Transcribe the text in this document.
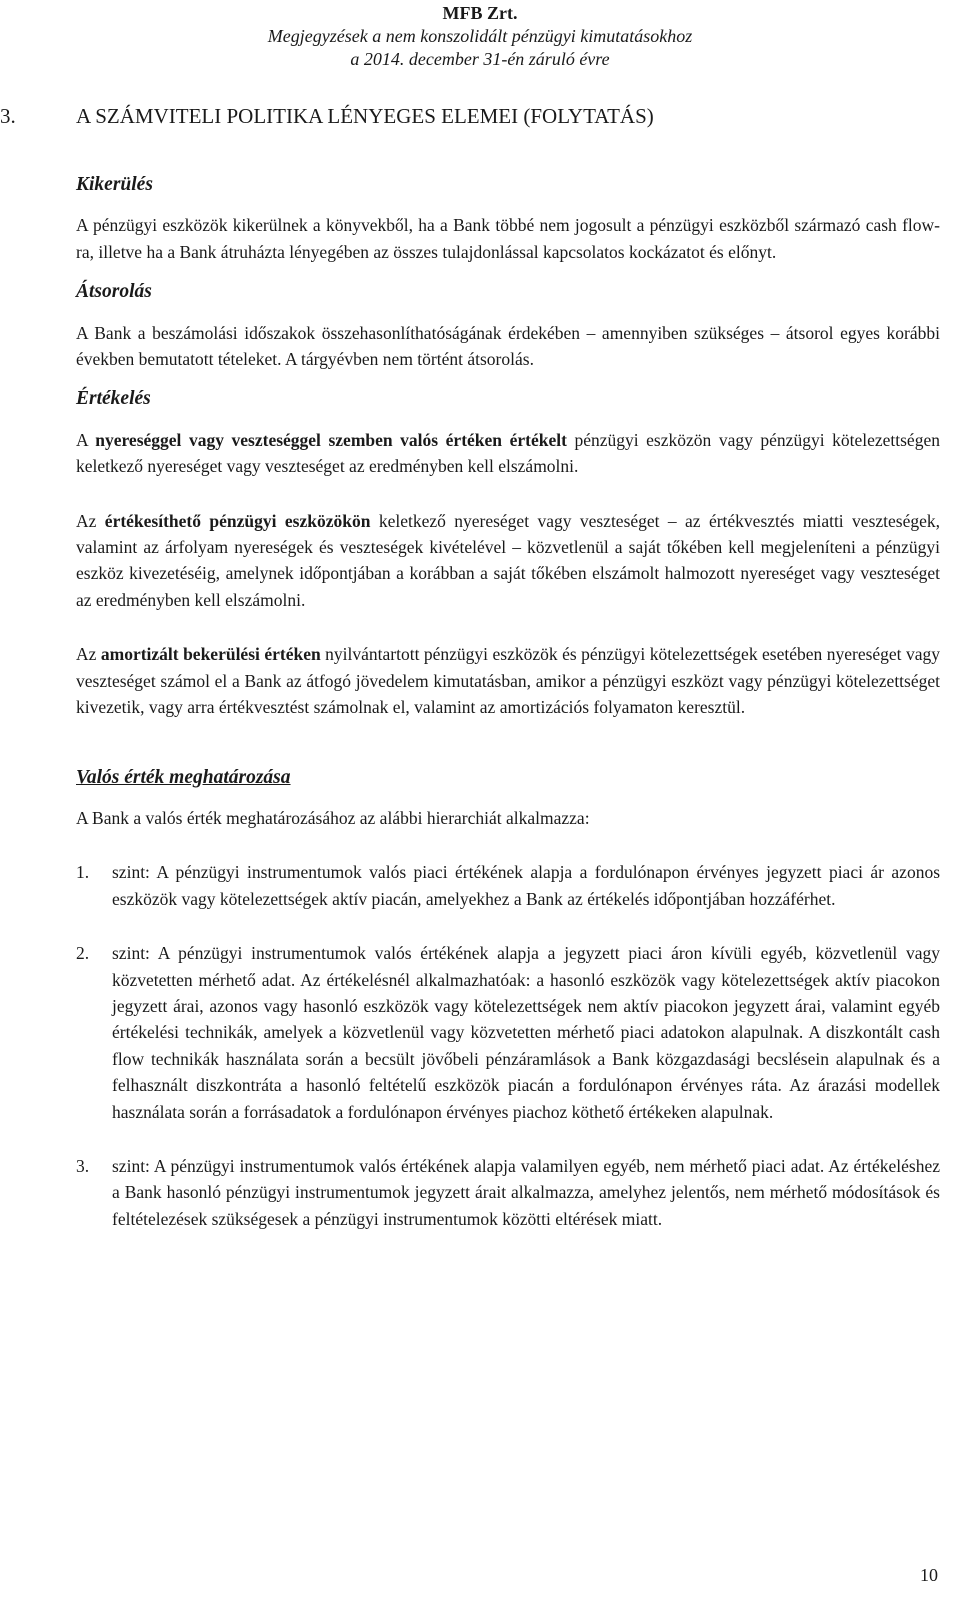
MFB Zrt.
Megjegyzések a nem konszolidált pénzügyi kimutatásokhoz
a 2014. december 31-én záruló évre
3.	A SZÁMVITELI POLITIKA LÉNYEGES ELEMEI (FOLYTATÁS)
Kikerülés

A pénzügyi eszközök kikerülnek a könyvekből, ha a Bank többé nem jogosult a pénzügyi eszközből származó cash flow-ra, illetve ha a Bank átruházta lényegében az összes tulajdonlással kapcsolatos kockázatot és előnyt.

Átsorolás

A Bank a beszámolási időszakok összehasonlíthatóságának érdekében – amennyiben szükséges – átsorol egyes korábbi években bemutatott tételeket. A tárgyévben nem történt átsorolás.

Értékelés

A nyereséggel vagy veszteséggel szemben valós értéken értékelt pénzügyi eszközön vagy pénzügyi kötelezettségen keletkező nyereséget vagy veszteséget az eredményben kell elszámolni.

Az értékesíthető pénzügyi eszközökön keletkező nyereséget vagy veszteséget – az értékvesztés miatti veszteségek, valamint az árfolyam nyereségek és veszteségek kivételével – közvetlenül a saját tőkében kell megjeleníteni a pénzügyi eszköz kivezetéséig, amelynek időpontjában a korábban a saját tőkében elszámolt halmozott nyereséget vagy veszteséget az eredményben kell elszámolni.

Az amortizált bekerülési értéken nyilvántartott pénzügyi eszközök és pénzügyi kötelezettségek esetében nyereséget vagy veszteséget számol el a Bank az átfogó jövedelem kimutatásban, amikor a pénzügyi eszközt vagy pénzügyi kötelezettséget kivezetik, vagy arra értékvesztést számolnak el, valamint az amortizációs folyamaton keresztül.

Valós érték meghatározása

A Bank a valós érték meghatározásához az alábbi hierarchiát alkalmazza:

1. szint: A pénzügyi instrumentumok valós piaci értékének alapja a fordulónapon érvényes jegyzett piaci ár azonos eszközök vagy kötelezettségek aktív piacán, amelyekhez a Bank az értékelés időpontjában hozzáférhet.
2. szint: A pénzügyi instrumentumok valós értékének alapja a jegyzett piaci áron kívüli egyéb, közvetlenül vagy közvetetten mérhető adat. Az értékelésnél alkalmazhatóak: a hasonló eszközök vagy kötelezettségek aktív piacokon jegyzett árai, azonos vagy hasonló eszközök vagy kötelezettségek nem aktív piacokon jegyzett árai, valamint egyéb értékelési technikák, amelyek a közvetlenül vagy közvetetten mérhető piaci adatokon alapulnak. A diszkontált cash flow technikák használata során a becsült jövőbeli pénzáramlások a Bank közgazdasági becslésein alapulnak és a felhasznált diszkontráta a hasonló feltételű eszközök piacán a fordulónapon érvényes ráta. Az árazási modellek használata során a forrásadatok a fordulónapon érvényes piachoz köthető értékeken alapulnak.
3. szint: A pénzügyi instrumentumok valós értékének alapja valamilyen egyéb, nem mérhető piaci adat. Az értékeléshez a Bank hasonló pénzügyi instrumentumok jegyzett árait alkalmazza, amelyhez jelentős, nem mérhető módosítások és feltételezések szükségesek a pénzügyi instrumentumok közötti eltérések miatt.
10
